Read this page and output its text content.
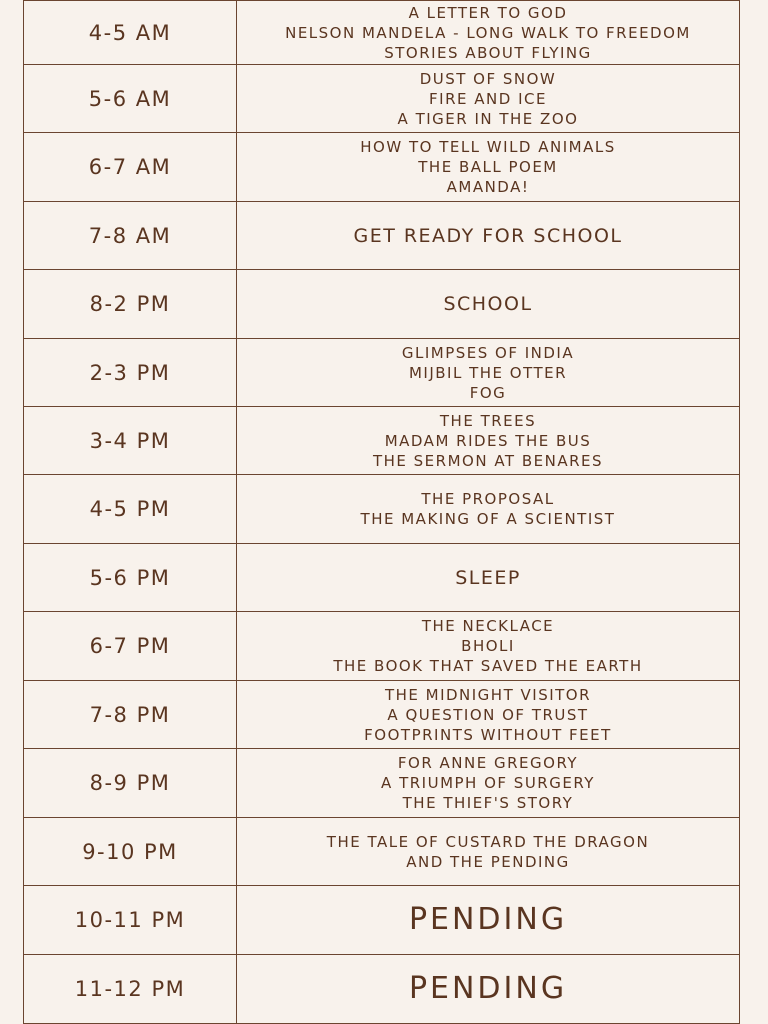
4-5 AM	A LETTER TO GOD
NELSON MANDELA - LONG WALK TO FREEDOM
STORIES ABOUT FLYING

5-6 AM	DUST OF SNOW
FIRE AND ICE
A TIGER IN THE ZOO

6-7 AM	HOW TO TELL WILD ANIMALS
THE BALL POEM
AMANDA!

7-8 AM	GET READY FOR SCHOOL

8-2 PM	SCHOOL

2-3 PM	GLIMPSES OF INDIA
MIJBIL THE OTTER
FOG

3-4 PM	THE TREES
MADAM RIDES THE BUS
THE SERMON AT BENARES

4-5 PM	THE PROPOSAL
THE MAKING OF A SCIENTIST

5-6 PM	SLEEP

6-7 PM	THE NECKLACE
BHOLI
THE BOOK THAT SAVED THE EARTH

7-8 PM	THE MIDNIGHT VISITOR
A QUESTION OF TRUST
FOOTPRINTS WITHOUT FEET

8-9 PM	FOR ANNE GREGORY
A TRIUMPH OF SURGERY
THE THIEF'S STORY

9-10 PM	THE TALE OF CUSTARD THE DRAGON
AND THE PENDING

10-11 PM	PENDING

11-12 PM	PENDING
